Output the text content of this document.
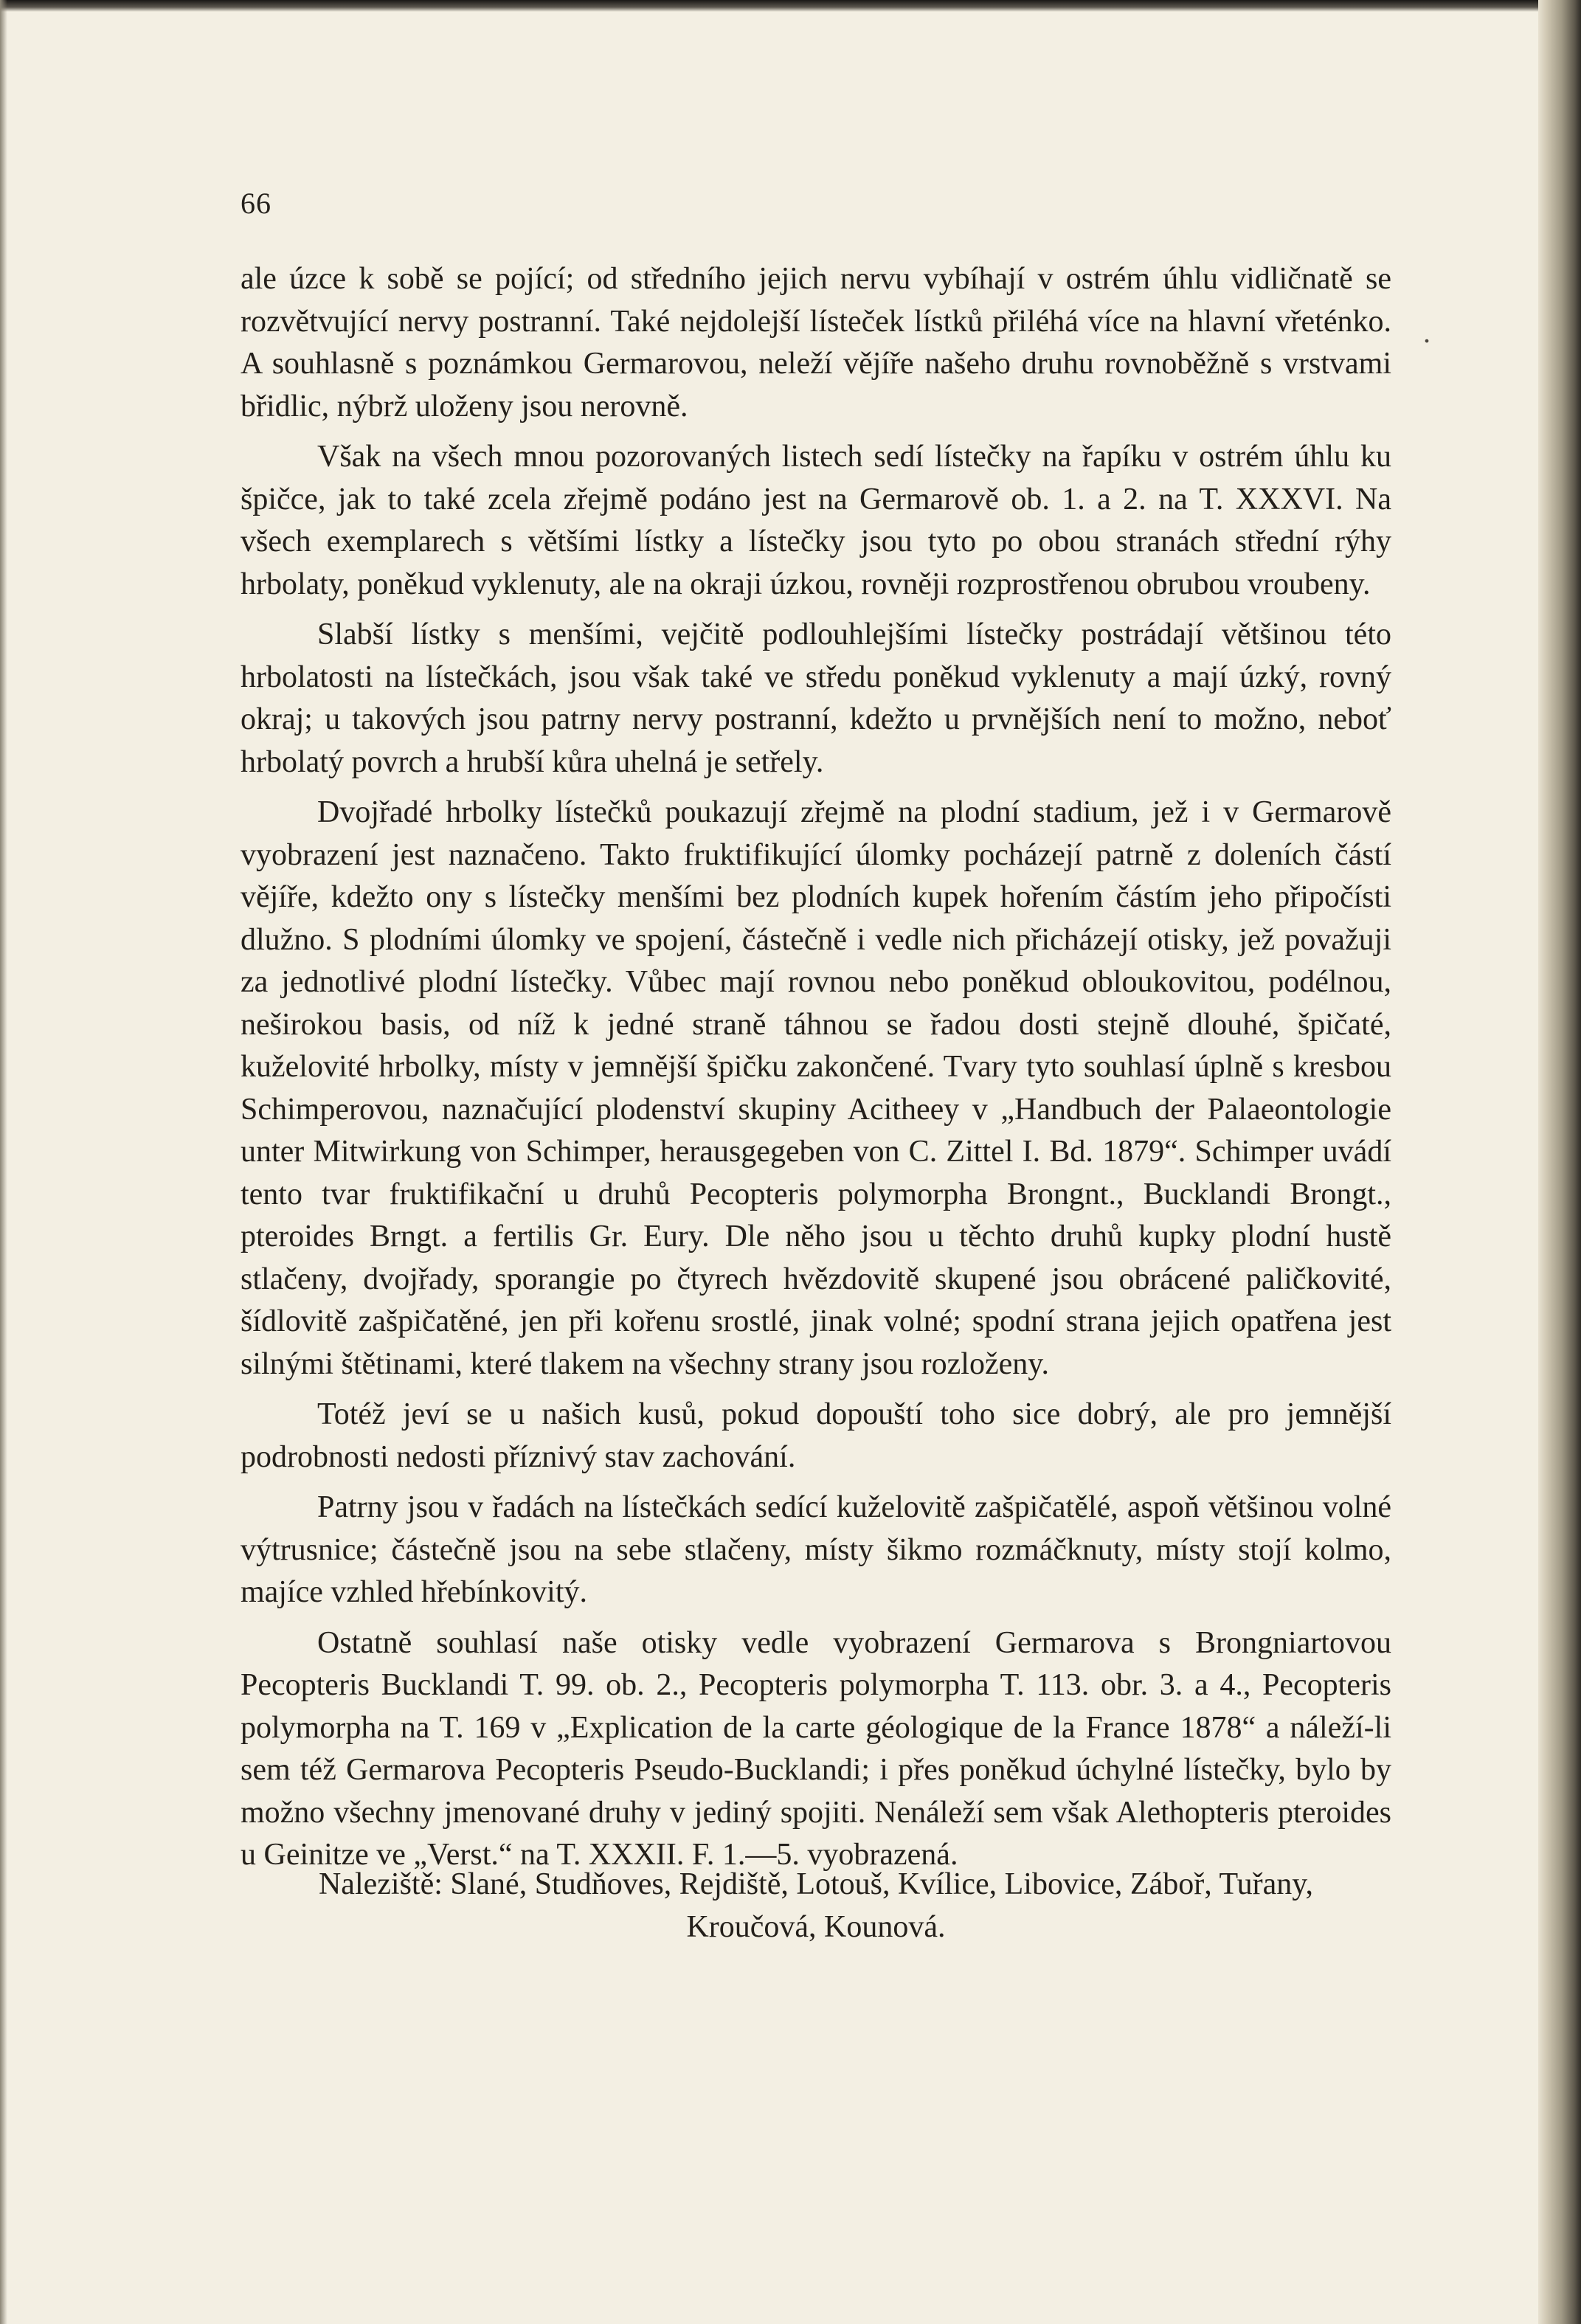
66
.

ale úzce k sobě se pojící; od středního jejich nervu vybíhají v ostrém úhlu vidličnatě se rozvětvující nervy postranní. Také nejdolejší lísteček lístků přiléhá více na hlavní vřeténko. A souhlasně s poznámkou Germarovou, neleží vějíře našeho druhu rovnoběžně s vrstvami břidlic, nýbrž uloženy jsou nerovně.

Však na všech mnou pozorovaných listech sedí lístečky na řapíku v ostrém úhlu ku špičce, jak to také zcela zřejmě podáno jest na Germarově ob. 1. a 2. na T. XXXVI. Na všech exemplarech s většími lístky a lístečky jsou tyto po obou stranách střední rýhy hrbolaty, poněkud vyklenuty, ale na okraji úzkou, rovněji rozprostřenou obrubou vroubeny.

Slabší lístky s menšími, vejčitě podlouhlejšími lístečky postrádají většinou této hrbolatosti na lístečkách, jsou však také ve středu poněkud vyklenuty a mají úzký, rovný okraj; u takových jsou patrny nervy postranní, kdežto u prvnějších není to možno, neboť hrbolatý povrch a hrubší kůra uhelná je setřely.

Dvojřadé hrbolky lístečků poukazují zřejmě na plodní stadium, jež i v Germarově vyobrazení jest naznačeno. Takto fruktifikující úlomky pocházejí patrně z doleních částí vějíře, kdežto ony s lístečky menšími bez plodních kupek hořením částím jeho připočísti dlužno. S plodními úlomky ve spojení, částečně i vedle nich přicházejí otisky, jež považuji za jednotlivé plodní lístečky. Vůbec mají rovnou nebo poněkud obloukovitou, podélnou, neširokou basis, od níž k jedné straně táhnou se řadou dosti stejně dlouhé, špičaté, kuželovité hrbolky, místy v jemnější špičku zakončené. Tvary tyto souhlasí úplně s kresbou Schimperovou, naznačující plodenství skupiny Acitheey v „Handbuch der Palaeontologie unter Mitwirkung von Schimper, herausgegeben von C. Zittel I. Bd. 1879“. Schimper uvádí tento tvar fruktifikační u druhů Pecopteris polymorpha Brongnt., Bucklandi Brongt., pteroides Brngt. a fertilis Gr. Eury. Dle něho jsou u těchto druhů kupky plodní hustě stlačeny, dvojřady, sporangie po čtyrech hvězdovitě skupené jsou obrácené paličkovité, šídlovitě zašpičatěné, jen při kořenu srostlé, jinak volné; spodní strana jejich opatřena jest silnými štětinami, které tlakem na všechny strany jsou rozloženy.

Totéž jeví se u našich kusů, pokud dopouští toho sice dobrý, ale pro jemnější podrobnosti nedosti příznivý stav zachování.

Patrny jsou v řadách na lístečkách sedící kuželovitě zašpičatělé, aspoň většinou volné výtrusnice; částečně jsou na sebe stlačeny, místy šikmo rozmáčknuty, místy stojí kolmo, majíce vzhled hřebínkovitý.

Ostatně souhlasí naše otisky vedle vyobrazení Germarova s Brongniartovou Pecopteris Bucklandi T. 99. ob. 2., Pecopteris polymorpha T. 113. obr. 3. a 4., Pecopteris polymorpha na T. 169 v „Explication de la carte géologique de la France 1878“ a náleží-li sem též Germarova Pecopteris Pseudo-Bucklandi; i přes poněkud úchylné lístečky, bylo by možno všechny jmenované druhy v jediný spojiti. Nenáleží sem však Alethopteris pteroides u Geinitze ve „Verst.“ na T. XXXII. F. 1.—5. vyobrazená.

Naleziště: Slané, Studňoves, Rejdiště, Lotouš, Kvílice, Libovice, Záboř, Tuřany,
Kroučová, Kounová.
